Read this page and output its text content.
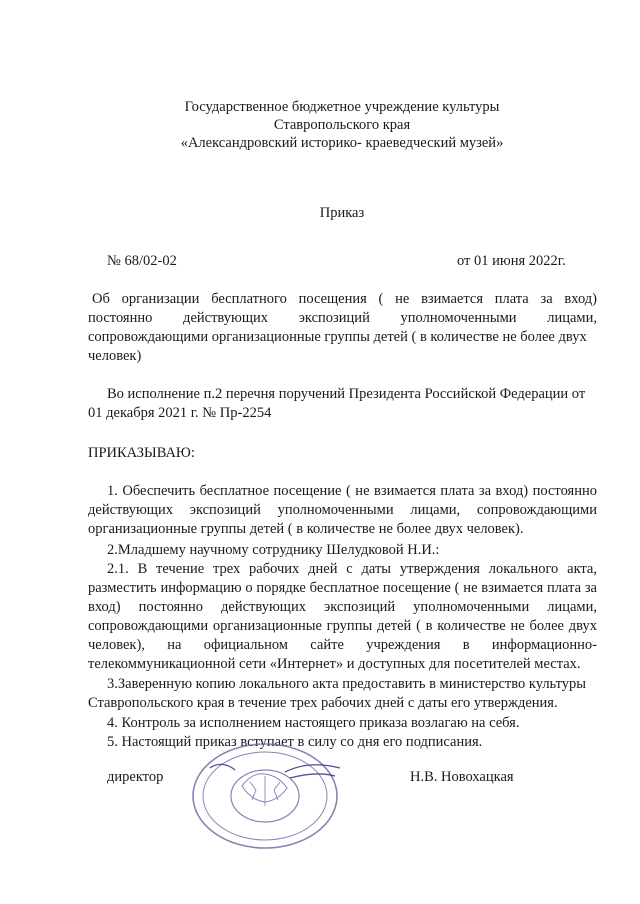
Государственное бюджетное учреждение культуры
Ставропольского края
«Александровский историко- краеведческий музей»
Приказ
№ 68/02-02	от 01 июня 2022г.
Об организации бесплатного посещения ( не взимается плата за вход)
постоянно действующих экспозиций уполномоченными лицами,
сопровождающими организационные группы детей ( в количестве не более двух
человек)
Во исполнение п.2 перечня поручений Президента Российской Федерации от
01 декабря 2021 г. № Пр-2254
ПРИКАЗЫВАЮ:
1. Обеспечить бесплатное посещение ( не взимается плата за вход) постоянно
действующих экспозиций уполномоченными лицами, сопровождающими
организационные группы детей ( в количестве не более двух человек).
2.Младшему научному сотруднику Шелудковой Н.И.:
2.1. В течение трех рабочих дней с даты утверждения локального акта,
разместить информацию о порядке бесплатное посещение ( не взимается плата за
вход) постоянно действующих экспозиций уполномоченными лицами,
сопровождающими организационные группы детей ( в количестве не более двух
человек), на официальном сайте учреждения в информационно-
телекоммуникационной сети «Интернет» и доступных для посетителей местах.
3.Заверенную копию локального акта предоставить в министерство культуры
Ставропольского края в течение трех рабочих дней с даты его утверждения.
4. Контроль за исполнением настоящего приказа возлагаю на себя.
5. Настоящий приказ вступает в силу со дня его подписания.
директор	Н.В. Новохацкая
